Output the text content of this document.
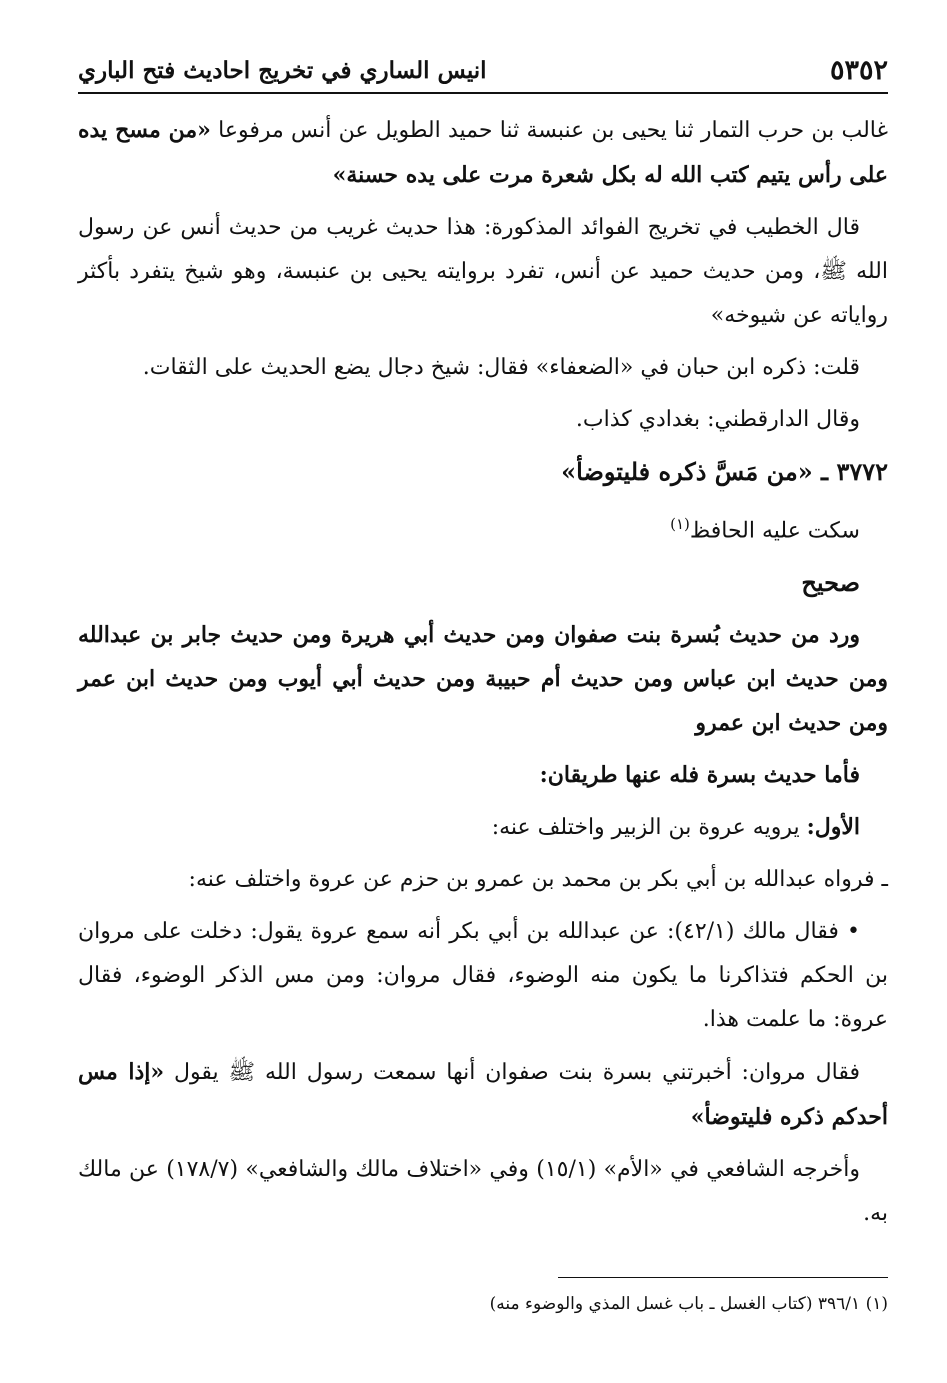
٥٣٥٢
انيس الساري في تخريج احاديث فتح الباري

غالب بن حرب التمار ثنا يحيى بن عنبسة ثنا حميد الطويل عن أنس مرفوعا «من مسح يده على رأس يتيم كتب الله له بكل شعرة مرت على يده حسنة»

قال الخطيب في تخريج الفوائد المذكورة: هذا حديث غريب من حديث أنس عن رسول الله ﷺ، ومن حديث حميد عن أنس، تفرد بروايته يحيى بن عنبسة، وهو شيخ يتفرد بأكثر رواياته عن شيوخه»

قلت: ذكره ابن حبان في «الضعفاء» فقال: شيخ دجال يضع الحديث على الثقات.

وقال الدارقطني: بغدادي كذاب.

٣٧٧٢ ـ «من مَسَّ ذكره فليتوضأ»

سكت عليه الحافظ$^{(١)}$

صحيح

ورد من حديث بُسرة بنت صفوان ومن حديث أبي هريرة ومن حديث جابر بن عبدالله ومن حديث ابن عباس ومن حديث أم حبيبة ومن حديث أبي أيوب ومن حديث ابن عمر ومن حديث ابن عمرو

فأما حديث بسرة فله عنها طريقان:

الأول: يرويه عروة بن الزبير واختلف عنه:

ـ فرواه عبدالله بن أبي بكر بن محمد بن عمرو بن حزم عن عروة واختلف عنه:

• فقال مالك (٤٢/١): عن عبدالله بن أبي بكر أنه سمع عروة يقول: دخلت على مروان بن الحكم فتذاكرنا ما يكون منه الوضوء، فقال مروان: ومن مس الذكر الوضوء، فقال عروة: ما علمت هذا.

فقال مروان: أخبرتني بسرة بنت صفوان أنها سمعت رسول الله ﷺ يقول «إذا مس أحدكم ذكره فليتوضأ»

وأخرجه الشافعي في «الأم» (١٥/١) وفي «اختلاف مالك والشافعي» (١٧٨/٧) عن مالك به.

(١) ٣٩٦/١ (كتاب الغسل ـ باب غسل المذي والوضوء منه)
